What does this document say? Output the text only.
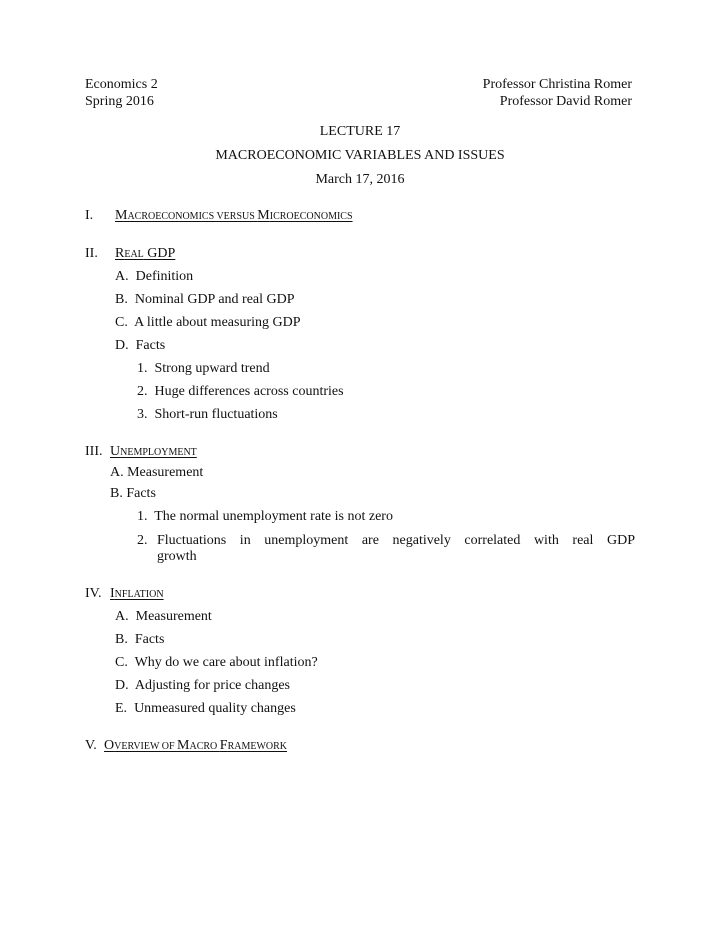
Economics 2
Spring 2016
Professor Christina Romer
Professor David Romer
LECTURE 17
MACROECONOMIC VARIABLES AND ISSUES
March 17, 2016
I. MACROECONOMICS VERSUS MICROECONOMICS
II. REAL GDP
A. Definition
B. Nominal GDP and real GDP
C. A little about measuring GDP
D. Facts
1. Strong upward trend
2. Huge differences across countries
3. Short-run fluctuations
III. UNEMPLOYMENT
A. Measurement
B. Facts
1. The normal unemployment rate is not zero
2. Fluctuations in unemployment are negatively correlated with real GDP
growth
IV. INFLATION
A. Measurement
B. Facts
C. Why do we care about inflation?
D. Adjusting for price changes
E. Unmeasured quality changes
V. OVERVIEW OF MACRO FRAMEWORK
